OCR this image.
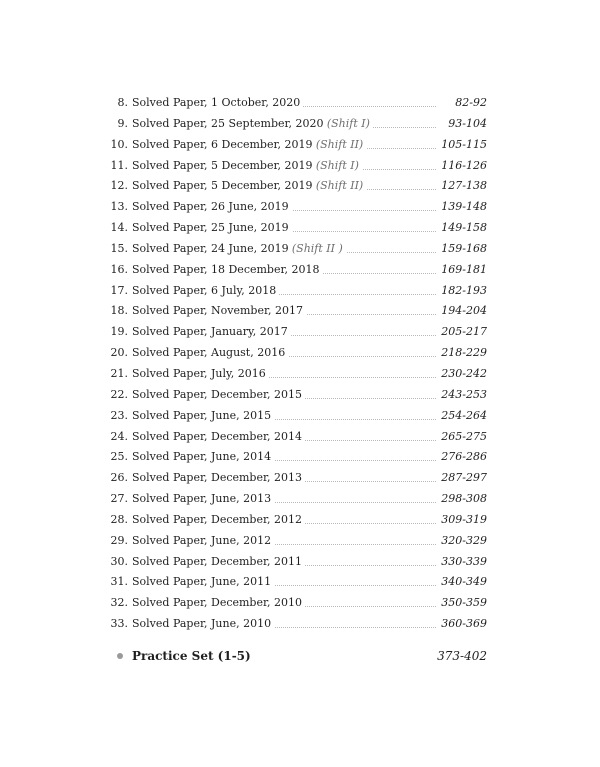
8. Solved Paper, 1 October, 2020	82-92
9. Solved Paper, 25 September, 2020 (Shift I)	93-104
10. Solved Paper, 6 December, 2019 (Shift II)	105-115
11. Solved Paper, 5 December, 2019 (Shift I)	116-126
12. Solved Paper, 5 December, 2019 (Shift II)	127-138
13. Solved Paper, 26 June, 2019	139-148
14. Solved Paper, 25 June, 2019	149-158
15. Solved Paper, 24 June, 2019 (Shift II )	159-168
16. Solved Paper, 18 December, 2018	169-181
17. Solved Paper, 6 July, 2018	182-193
18. Solved Paper, November, 2017	194-204
19. Solved Paper, January, 2017	205-217
20. Solved Paper, August, 2016	218-229
21. Solved Paper, July, 2016	230-242
22. Solved Paper, December, 2015	243-253
23. Solved Paper, June, 2015	254-264
24. Solved Paper, December, 2014	265-275
25. Solved Paper, June, 2014	276-286
26. Solved Paper, December, 2013	287-297
27. Solved Paper, June, 2013	298-308
28. Solved Paper, December, 2012	309-319
29. Solved Paper, June, 2012	320-329
30. Solved Paper, December, 2011	330-339
31. Solved Paper, June, 2011	340-349
32. Solved Paper, December, 2010	350-359
33. Solved Paper, June, 2010	360-369
Practice Set (1-5)	373-402
